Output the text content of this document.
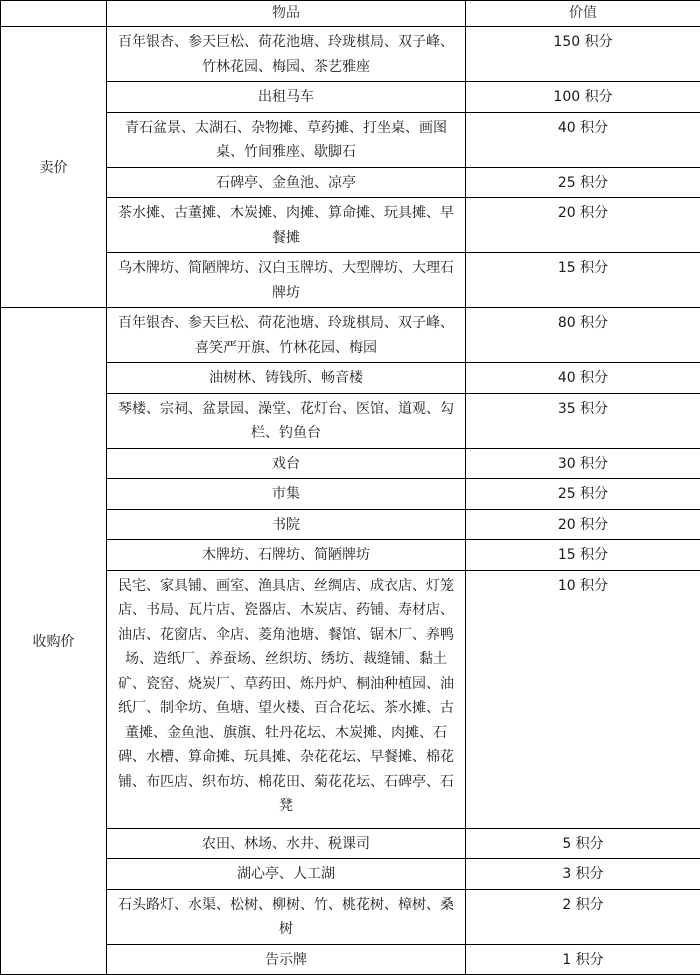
	物品	价值
卖价	百年银杏、参天巨松、荷花池塘、玲珑棋局、双子峰、竹林花园、梅园、茶艺雅座	150 积分
	出租马车	100 积分
	青石盆景、太湖石、杂物摊、草药摊、打坐桌、画图桌、竹间雅座、歇脚石	40 积分
	石碑亭、金鱼池、凉亭	25 积分
	茶水摊、古董摊、木炭摊、肉摊、算命摊、玩具摊、早餐摊	20 积分
	乌木牌坊、简陋牌坊、汉白玉牌坊、大型牌坊、大理石牌坊	15 积分
收购价	百年银杏、参天巨松、荷花池塘、玲珑棋局、双子峰、喜笑严开旗、竹林花园、梅园	80 积分
	油树林、铸钱所、畅音楼	40 积分
	琴楼、宗祠、盆景园、澡堂、花灯台、医馆、道观、勾栏、钓鱼台	35 积分
	戏台	30 积分
	市集	25 积分
	书院	20 积分
	木牌坊、石牌坊、简陋牌坊	15 积分
	民宅、家具铺、画室、渔具店、丝绸店、成衣店、灯笼店、书局、瓦片店、瓷器店、木炭店、药铺、寿材店、油店、花窗店、伞店、菱角池塘、餐馆、锯木厂、养鸭场、造纸厂、养蚕场、丝织坊、绣坊、裁缝铺、黏土矿、瓷窑、烧炭厂、草药田、炼丹炉、桐油种植园、油纸厂、制伞坊、鱼塘、望火楼、百合花坛、茶水摊、古董摊、金鱼池、旗旗、牡丹花坛、木炭摊、肉摊、石碑、水槽、算命摊、玩具摊、杂花花坛、早餐摊、棉花铺、布匹店、织布坊、棉花田、菊花花坛、石碑亭、石凳	10 积分
	农田、林场、水井、税课司	5 积分
	湖心亭、人工湖	3 积分
	石头路灯、水渠、松树、柳树、竹、桃花树、樟树、桑树	2 积分
	告示牌	1 积分
